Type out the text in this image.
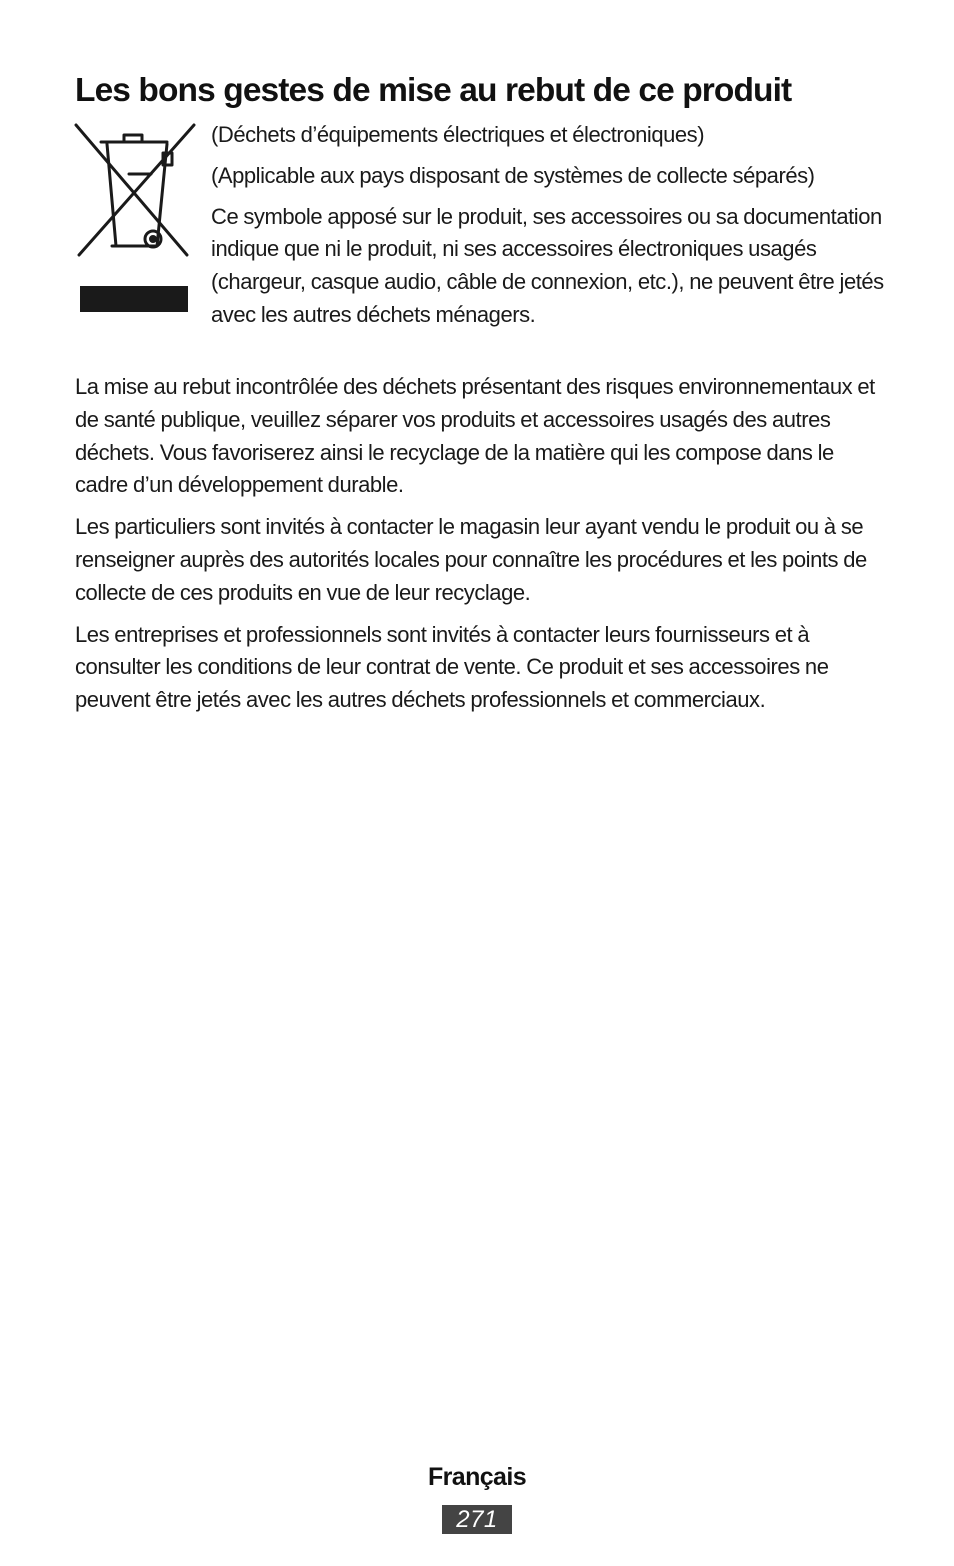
Les bons gestes de mise au rebut de ce produit

(Déchets d’équipements électriques et électroniques)

(Applicable aux pays disposant de systèmes de collecte séparés)

Ce symbole apposé sur le produit, ses accessoires ou sa documentation indique que ni le produit, ni ses accessoires électroniques usagés (chargeur, casque audio, câble de connexion, etc.), ne peuvent être jetés avec les autres déchets ménagers.

La mise au rebut incontrôlée des déchets présentant des risques environnementaux et de santé publique, veuillez séparer vos produits et accessoires usagés des autres déchets. Vous favoriserez ainsi le recyclage de la matière qui les compose dans le cadre d’un développement durable.

Les particuliers sont invités à contacter le magasin leur ayant vendu le produit ou à se renseigner auprès des autorités locales pour connaître les procédures et les points de collecte de ces produits en vue de leur recyclage.

Les entreprises et professionnels sont invités à contacter leurs fournisseurs et à consulter les conditions de leur contrat de vente. Ce produit et ses accessoires ne peuvent être jetés avec les autres déchets professionnels et commerciaux.

Français
271
